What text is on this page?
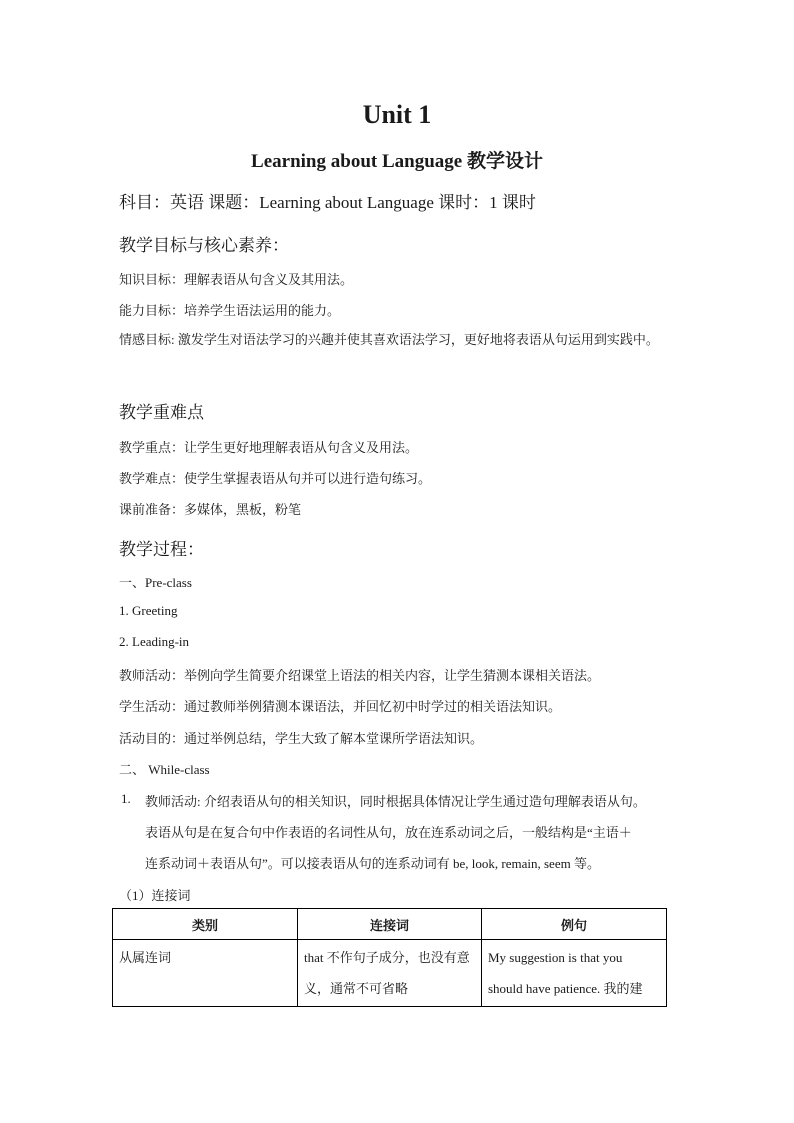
Unit 1
Learning about Language 教学设计
科目：英语 课题：Learning about Language 课时：1 课时
教学目标与核心素养：
知识目标：理解表语从句含义及其用法。
能力目标：培养学生语法运用的能力。
情感目标: 激发学生对语法学习的兴趣并使其喜欢语法学习，更好地将表语从句运用到实践中。
教学重难点
教学重点：让学生更好地理解表语从句含义及用法。
教学难点：使学生掌握表语从句并可以进行造句练习。
课前准备：多媒体，黑板，粉笔
教学过程：
一、Pre-class
1. Greeting
2. Leading-in
教师活动：举例向学生简要介绍课堂上语法的相关内容，让学生猜测本课相关语法。
学生活动：通过教师举例猜测本课语法，并回忆初中时学过的相关语法知识。
活动目的：通过举例总结，学生大致了解本堂课所学语法知识。
二、 While-class
1. 教师活动: 介绍表语从句的相关知识，同时根据具体情况让学生通过造句理解表语从句。
表语从句是在复合句中作表语的名词性从句，放在连系动词之后，一般结构是“主语＋
连系动词＋表语从句”。可以接表语从句的连系动词有 be, look, remain, seem 等。
（1）连接词
类别	连接词	例句
从属连词	that 不作句子成分，也没有意义，通常不可省略	My suggestion is that you should have patience. 我的建
